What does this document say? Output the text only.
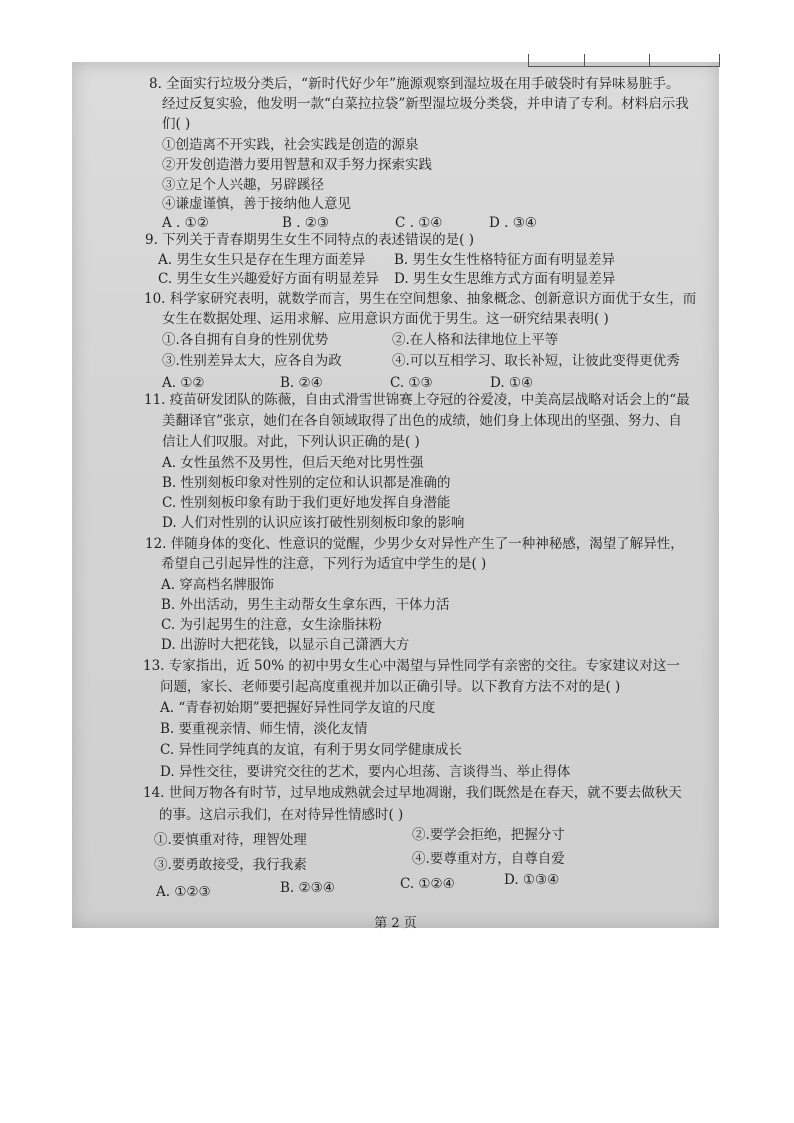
8. 全面实行垃圾分类后，“新时代好少年”施源观察到湿垃圾在用手破袋时有异味易脏手。
经过反复实验，他发明一款“白菜拉拉袋”新型湿垃圾分类袋，并申请了专利。材料启示我
们( )
①创造离不开实践，社会实践是创造的源泉
②开发创造潜力要用智慧和双手努力探索实践
③立足个人兴趣，另辟蹊径
④谦虚谨慎，善于接纳他人意见
A . ①②	B . ②③	C . ①④	D . ③④
9. 下列关于青春期男生女生不同特点的表述错误的是( )
A. 男生女生只是存在生理方面差异 B. 男生女生性格特征方面有明显差异
C. 男生女生兴趣爱好方面有明显差异 D. 男生女生思维方式方面有明显差异
10. 科学家研究表明，就数学而言，男生在空间想象、抽象概念、创新意识方面优于女生，而
女生在数据处理、运用求解、应用意识方面优于男生。这一研究结果表明( )
①.各自拥有自身的性别优势	②.在人格和法律地位上平等
③.性别差异太大，应各自为政	④.可以互相学习、取长补短，让彼此变得更优秀
A. ①②	B. ②④	C. ①③	D. ①④
11. 疫苗研发团队的陈薇，自由式滑雪世锦赛上夺冠的谷爱凌，中美高层战略对话会上的“最
美翻译官”张京，她们在各自领域取得了出色的成绩，她们身上体现出的坚强、努力、自
信让人们叹服。对此，下列认识正确的是( )
A. 女性虽然不及男性，但后天绝对比男性强
B. 性别刻板印象对性别的定位和认识都是准确的
C. 性别刻板印象有助于我们更好地发挥自身潜能
D. 人们对性别的认识应该打破性别刻板印象的影响
12. 伴随身体的变化、性意识的觉醒，少男少女对异性产生了一种神秘感，渴望了解异性，
希望自己引起异性的注意，下列行为适宜中学生的是( )
A. 穿高档名牌服饰
B. 外出活动，男生主动帮女生拿东西，干体力活
C. 为引起男生的注意，女生涂脂抹粉
D. 出游时大把花钱，以显示自己潇洒大方
13. 专家指出，近 50% 的初中男女生心中渴望与异性同学有亲密的交往。专家建议对这一
问题，家长、老师要引起高度重视并加以正确引导。以下教育方法不对的是( )
A. “青春初始期”要把握好异性同学友谊的尺度
B. 要重视亲情、师生情，淡化友情
C. 异性同学纯真的友谊，有利于男女同学健康成长
D. 异性交往，要讲究交往的艺术，要内心坦荡、言谈得当、举止得体
14. 世间万物各有时节，过早地成熟就会过早地凋谢，我们既然是在春天，就不要去做秋天
的事。这启示我们，在对待异性情感时( )
①.要慎重对待，理智处理	②.要学会拒绝，把握分寸
③.要勇敢接受，我行我素	④.要尊重对方，自尊自爱
A. ①②③	B. ②③④	C. ①②④	D. ①③④
第 2 页
